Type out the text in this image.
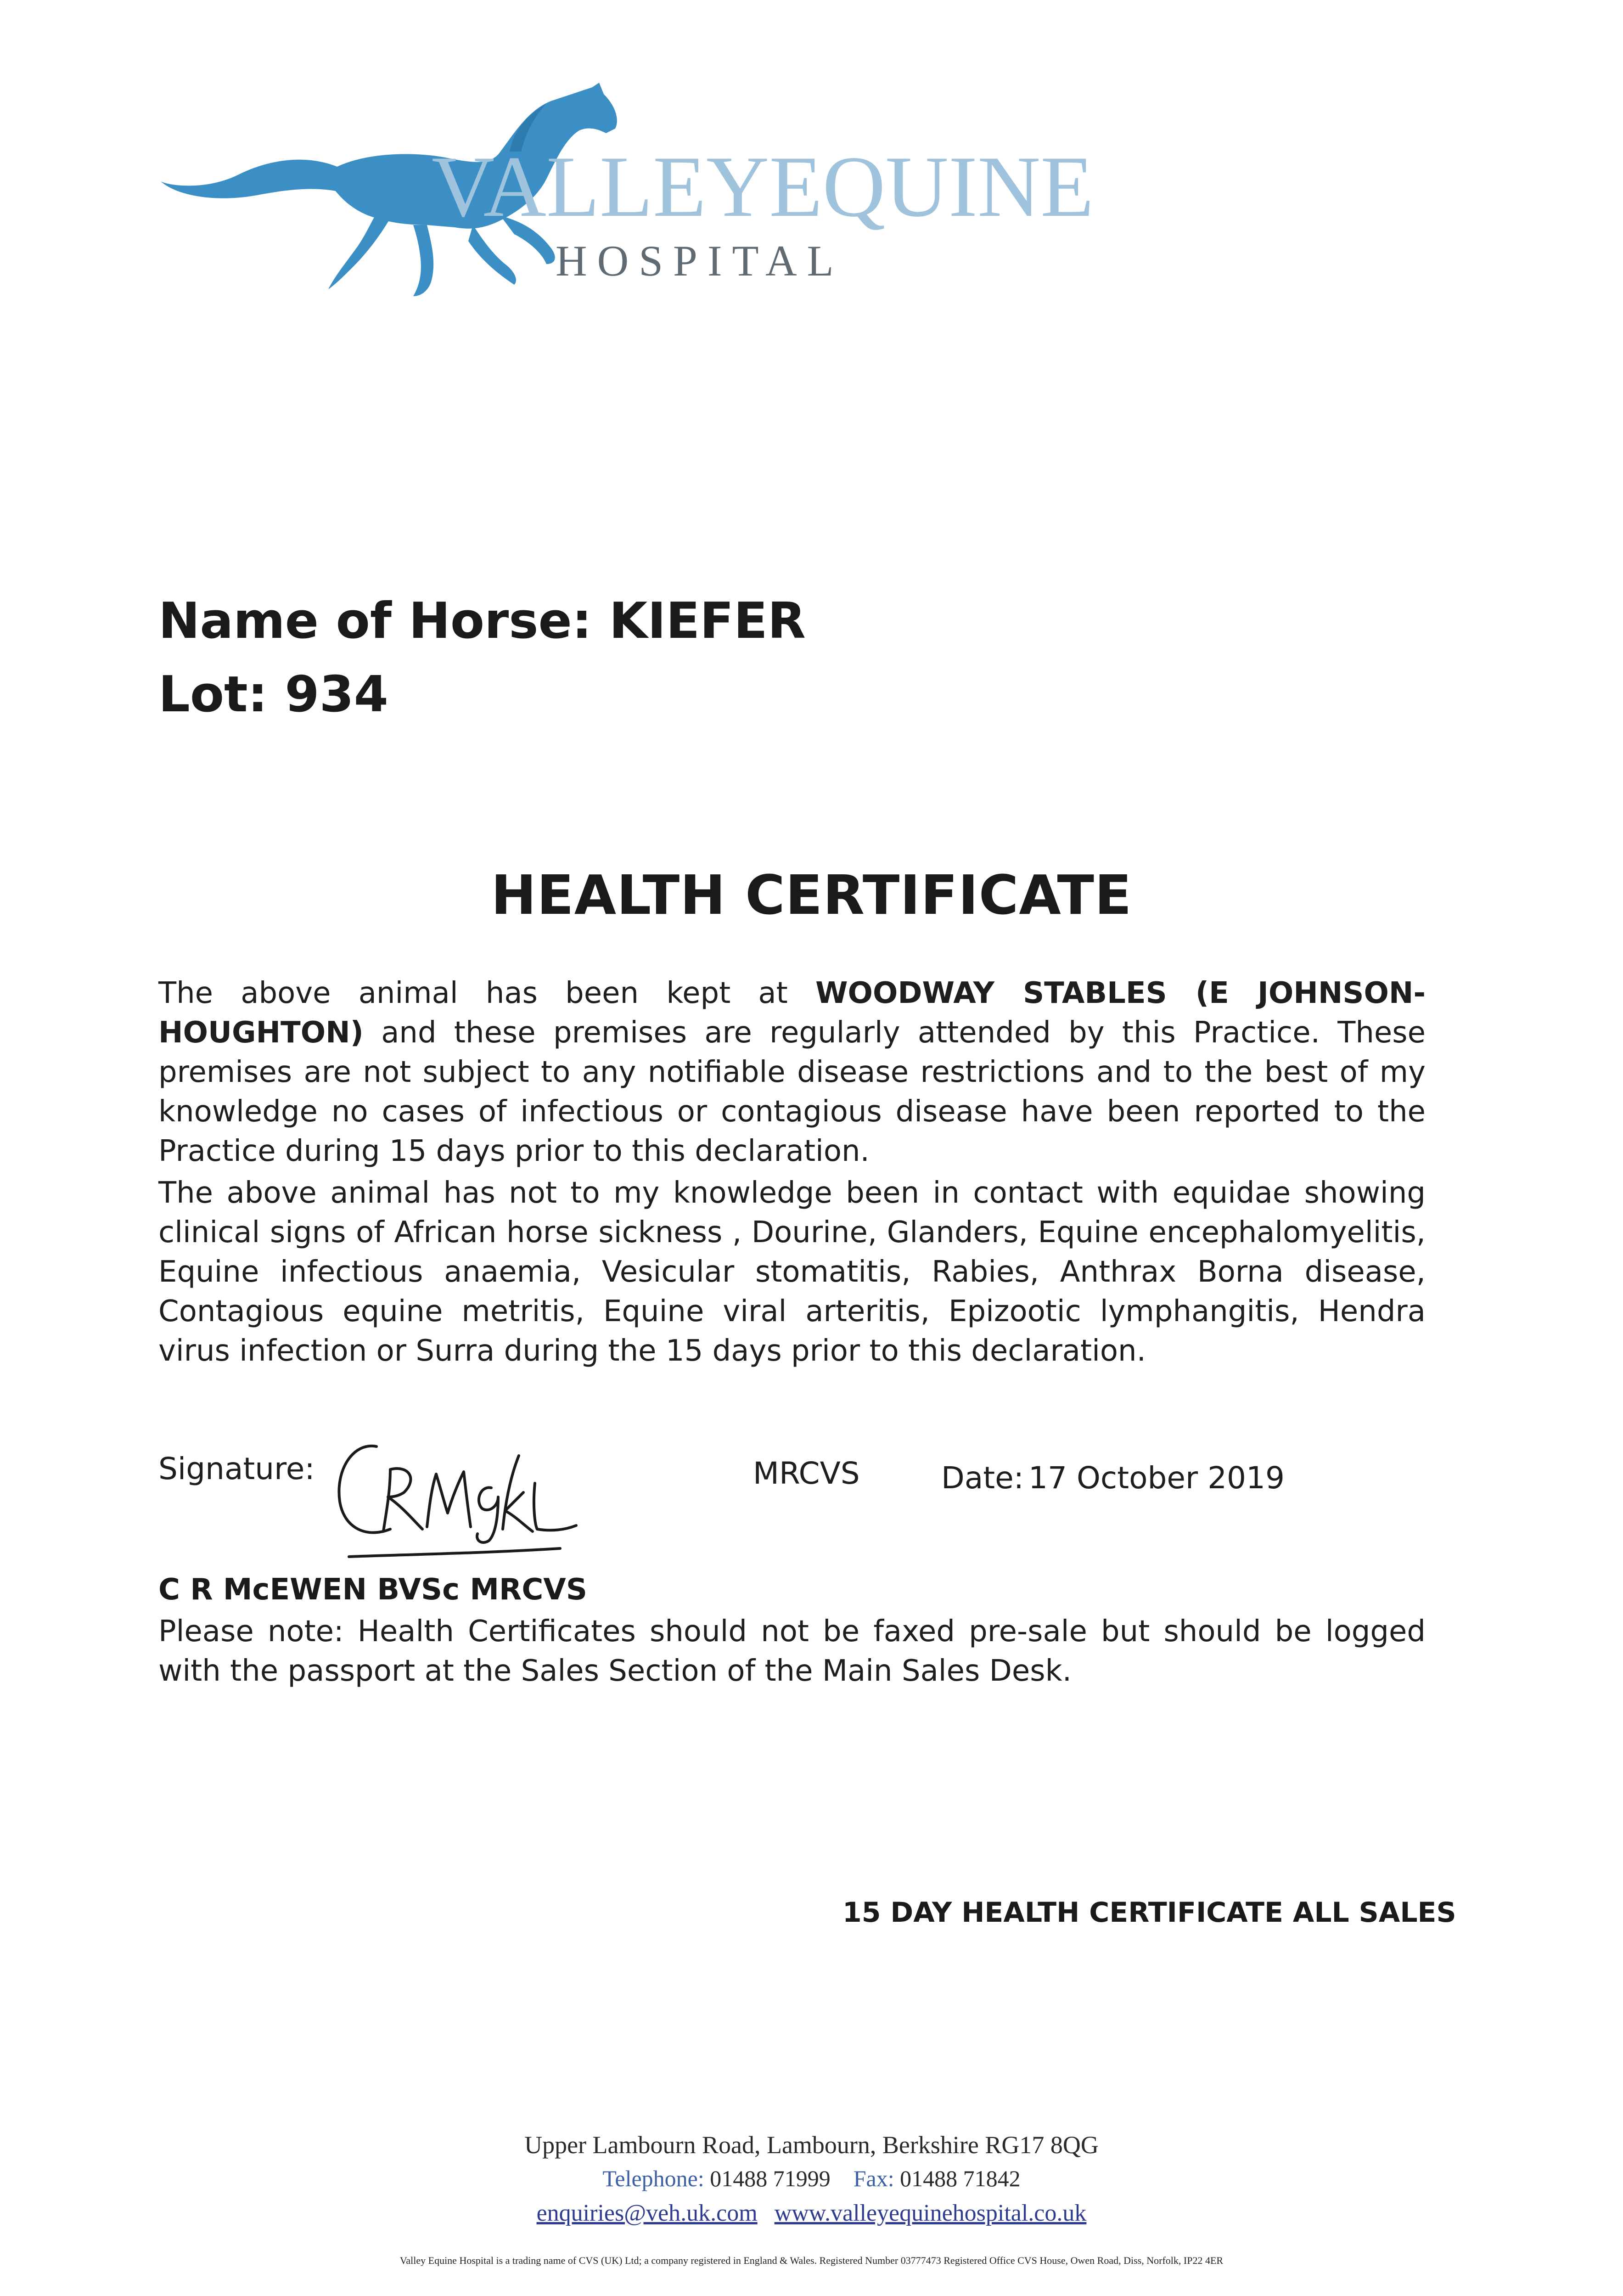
VALLEYEQUINE
HOSPITAL
Name of Horse: KIEFER
Lot: 934
HEALTH CERTIFICATE
The above animal has been kept at WOODWAY STABLES (E JOHNSON-HOUGHTON) and these premises are regularly attended by this Practice. These premises are not subject to any notifiable disease restrictions and to the best of my knowledge no cases of infectious or contagious disease have been reported to the Practice during 15 days prior to this declaration.
The above animal has not to my knowledge been in contact with equidae showing clinical signs of African horse sickness , Dourine, Glanders, Equine encephalomyelitis, Equine infectious anaemia, Vesicular stomatitis, Rabies, Anthrax Borna disease, Contagious equine metritis, Equine viral arteritis, Epizootic lymphangitis, Hendra virus infection or Surra during the 15 days prior to this declaration.
Signature:	MRCVS	Date: 17 October 2019
C R McEWEN BVSc MRCVS
Please note: Health Certificates should not be faxed pre-sale but should be logged with the passport at the Sales Section of the Main Sales Desk.
15 DAY HEALTH CERTIFICATE ALL SALES
Upper Lambourn Road, Lambourn, Berkshire RG17 8QG
Telephone: 01488 71999 Fax: 01488 71842
enquiries@veh.uk.com www.valleyequinehospital.co.uk
Valley Equine Hospital is a trading name of CVS (UK) Ltd; a company registered in England & Wales. Registered Number 03777473 Registered Office CVS House, Owen Road, Diss, Norfolk, IP22 4ER
